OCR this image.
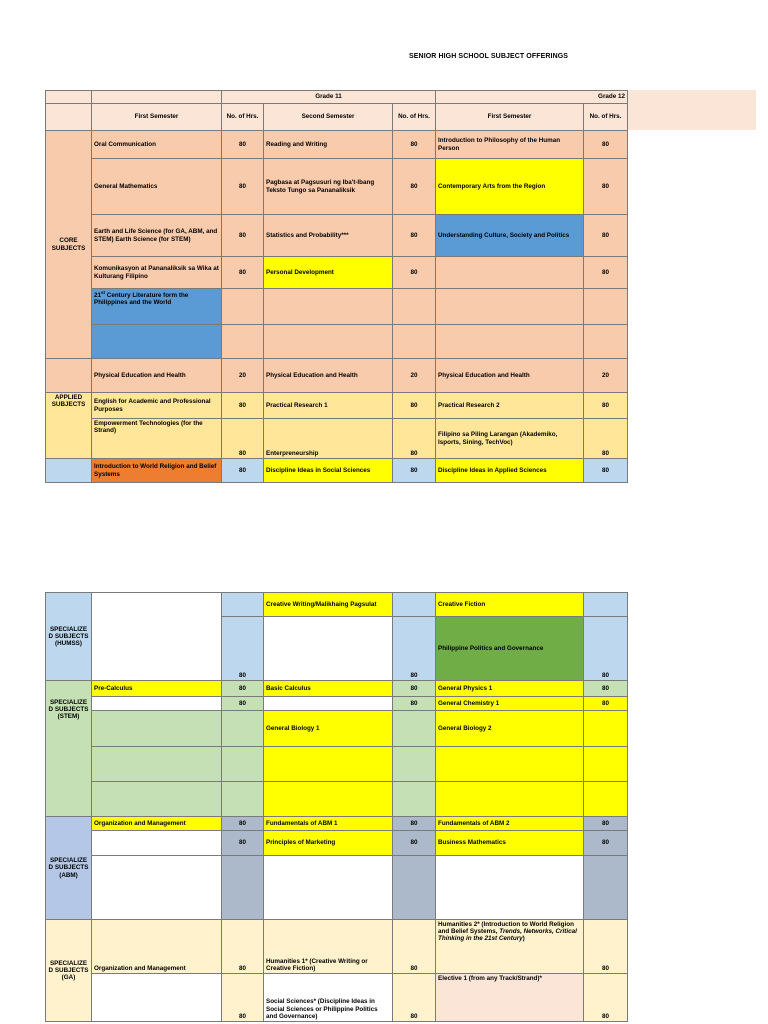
SENIOR HIGH SCHOOL SUBJECT OFFERINGS
		Grade 11			Grade 12	
	First Semester	No. of Hrs.	Second Semester	No. of Hrs.	First Semester	No. of Hrs.
CORE SUBJECTS	Oral Communication	80	Reading and Writing	80	Introduction to Philosophy of the Human Person	80
	General Mathematics	80	Pagbasa at Pagsusuri ng Iba't-Ibang Teksto Tungo sa Pananaliksik	80	Contemporary Arts from the Region	80
	Earth and Life Science (for GA, ABM, and STEM) Earth Science (for STEM)	80	Statistics and Probability***	80	Understanding Culture, Society and Politics	80
	Komunikasyon at Pananaliksik sa Wika at Kulturang Filipino	80	Personal Development	80		80
	21st Century Literature form the Philippines and the World					

	Physical Education and Health	20	Physical Education and Health	20	Physical Education and Health	20
APPLIED SUBJECTS	English for Academic and Professional Purposes	80	Practical Research 1	80	Practical Research 2	80
	Empowerment Technologies (for the Strand)	80	Enterpreneurship	80	Filipino sa Piling Larangan (Akademiko, Isports, Sining, TechVoc)	80
	Introduction to World Religion and Belief Systems	80	Discipline Ideas in Social Sciences	80	Discipline Ideas in Applied Sciences	80
SPECIALIZE D SUBJECTS (HUMSS)			Creative Writing/Malikhaing Pagsulat		Creative Fiction	
		80		80	Philippine Politics and Governance	80
SPECIALIZE D SUBJECTS (STEM)	Pre-Calculus	80	Basic Calculus	80	General Physics 1	80
		80		80	General Chemistry 1	80
			General Biology 1		General Biology 2	

SPECIALIZE D SUBJECTS (ABM)	Organization and Management	80	Fundamentals of ABM 1	80	Fundamentals of ABM 2	80
		80	Principles of Marketing	80	Business Mathematics	80

SPECIALIZE D SUBJECTS (GA)	Organization and Management	80	Humanities 1* (Creative Writing or Creative Fiction)	80	Humanities 2* (Introduction to World Religion and Belief Systems, Trends, Networks, Critical Thinking in the 21st Century)	80
		80	Social Sciences* (Discipline Ideas in Social Sciences or Philippine Politics and Governance)	80	Elective 1 (from any Track/Strand)*	80
